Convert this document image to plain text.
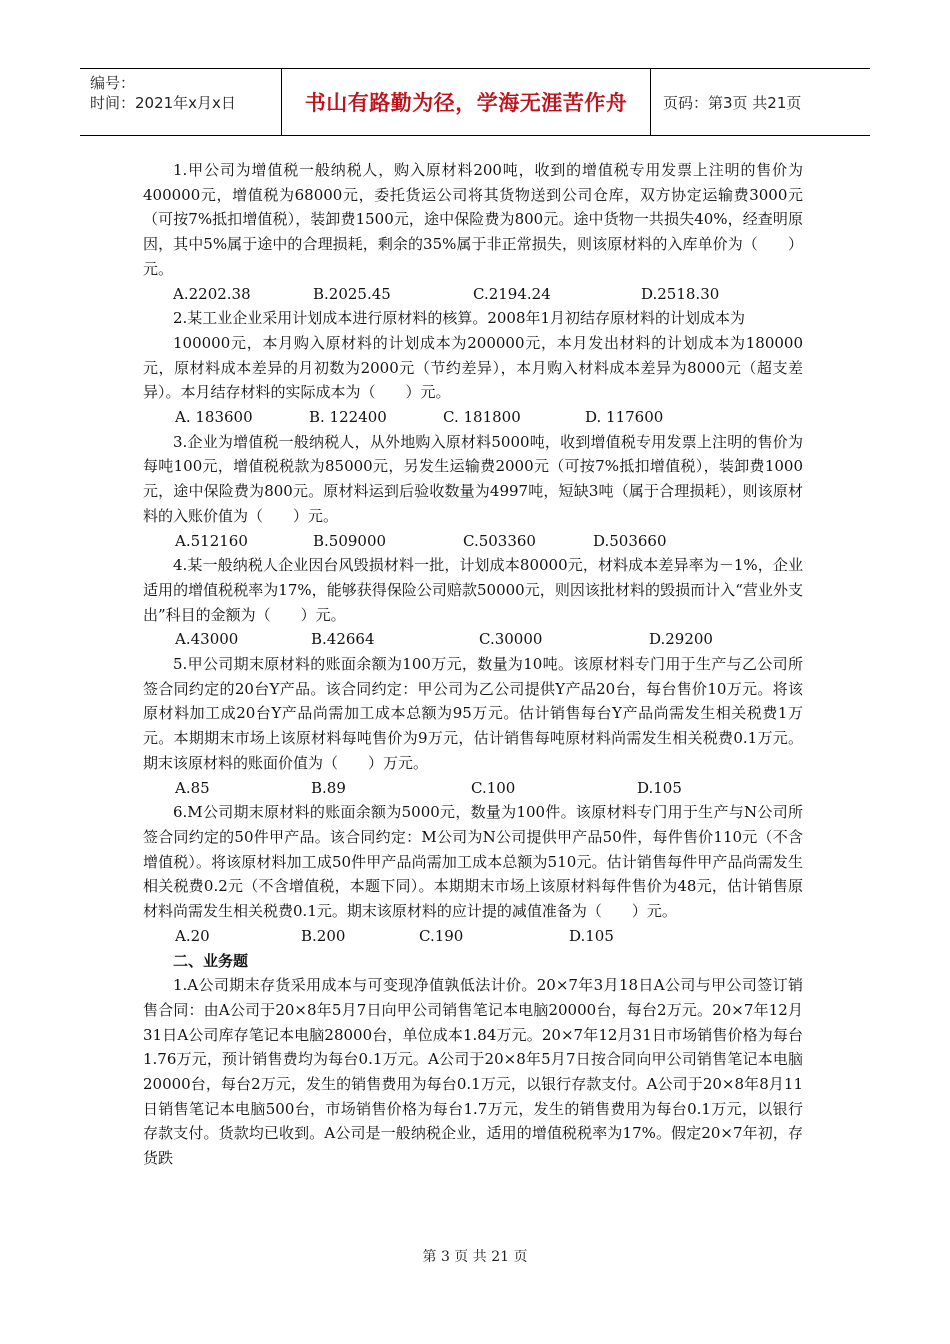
编号：
时间：2021年x月x日	书山有路勤为径，学海无涯苦作舟	页码：第3页 共21页

1.甲公司为增值税一般纳税人，购入原材料200吨，收到的增值税专用发票上注明的售价为400000元，增值税为68000元，委托货运公司将其货物送到公司仓库，双方协定运输费3000元（可按7%抵扣增值税），装卸费1500元，途中保险费为800元。途中货物一共损失40%，经查明原因，其中5%属于途中的合理损耗，剩余的35%属于非正常损失，则该原材料的入库单价为（　　）元。

A.2202.38	B.2025.45	C.2194.24	D.2518.30

2.某工业企业采用计划成本进行原材料的核算。2008年1月初结存原材料的计划成本为

100000元，本月购入原材料的计划成本为200000元，本月发出材料的计划成本为180000元，原材料成本差异的月初数为2000元（节约差异），本月购入材料成本差异为8000元（超支差异）。本月结存材料的实际成本为（　　）元。

A. 183600	B. 122400	C. 181800	D. 117600

3.企业为增值税一般纳税人，从外地购入原材料5000吨，收到增值税专用发票上注明的售价为每吨100元，增值税税款为85000元，另发生运输费2000元（可按7%抵扣增值税），装卸费1000元，途中保险费为800元。原材料运到后验收数量为4997吨，短缺3吨（属于合理损耗），则该原材料的入账价值为（　　）元。

A.512160	B.509000	C.503360	D.503660

4.某一般纳税人企业因台风毁损材料一批，计划成本80000元，材料成本差异率为－1%，企业适用的增值税税率为17%，能够获得保险公司赔款50000元，则因该批材料的毁损而计入“营业外支出”科目的金额为（　　）元。

A.43000	B.42664	C.30000	D.29200

5.甲公司期末原材料的账面余额为100万元，数量为10吨。该原材料专门用于生产与乙公司所签合同约定的20台Y产品。该合同约定：甲公司为乙公司提供Y产品20台，每台售价10万元。将该原材料加工成20台Y产品尚需加工成本总额为95万元。估计销售每台Y产品尚需发生相关税费1万元。本期期末市场上该原材料每吨售价为9万元，估计销售每吨原材料尚需发生相关税费0.1万元。期末该原材料的账面价值为（　　）万元。

A.85	B.89	C.100	D.105

6.M公司期末原材料的账面余额为5000元，数量为100件。该原材料专门用于生产与N公司所签合同约定的50件甲产品。该合同约定：M公司为N公司提供甲产品50件，每件售价110元（不含增值税）。将该原材料加工成50件甲产品尚需加工成本总额为510元。估计销售每件甲产品尚需发生相关税费0.2元（不含增值税，本题下同）。本期期末市场上该原材料每件售价为48元，估计销售原材料尚需发生相关税费0.1元。期末该原材料的应计提的减值准备为（　　）元。

A.20	B.200	C.190	D.105

二、业务题

1.A公司期末存货采用成本与可变现净值孰低法计价。20×7年3月18日A公司与甲公司签订销售合同：由A公司于20×8年5月7日向甲公司销售笔记本电脑20000台，每台2万元。20×7年12月31日A公司库存笔记本电脑28000台，单位成本1.84万元。20×7年12月31日市场销售价格为每台1.76万元，预计销售费均为每台0.1万元。A公司于20×8年5月7日按合同向甲公司销售笔记本电脑20000台，每台2万元，发生的销售费用为每台0.1万元，以银行存款支付。A公司于20×8年8月11日销售笔记本电脑500台，市场销售价格为每台1.7万元，发生的销售费用为每台0.1万元，以银行存款支付。货款均已收到。A公司是一般纳税企业，适用的增值税税率为17%。假定20×7年初，存货跌

第 3 页 共 21 页
